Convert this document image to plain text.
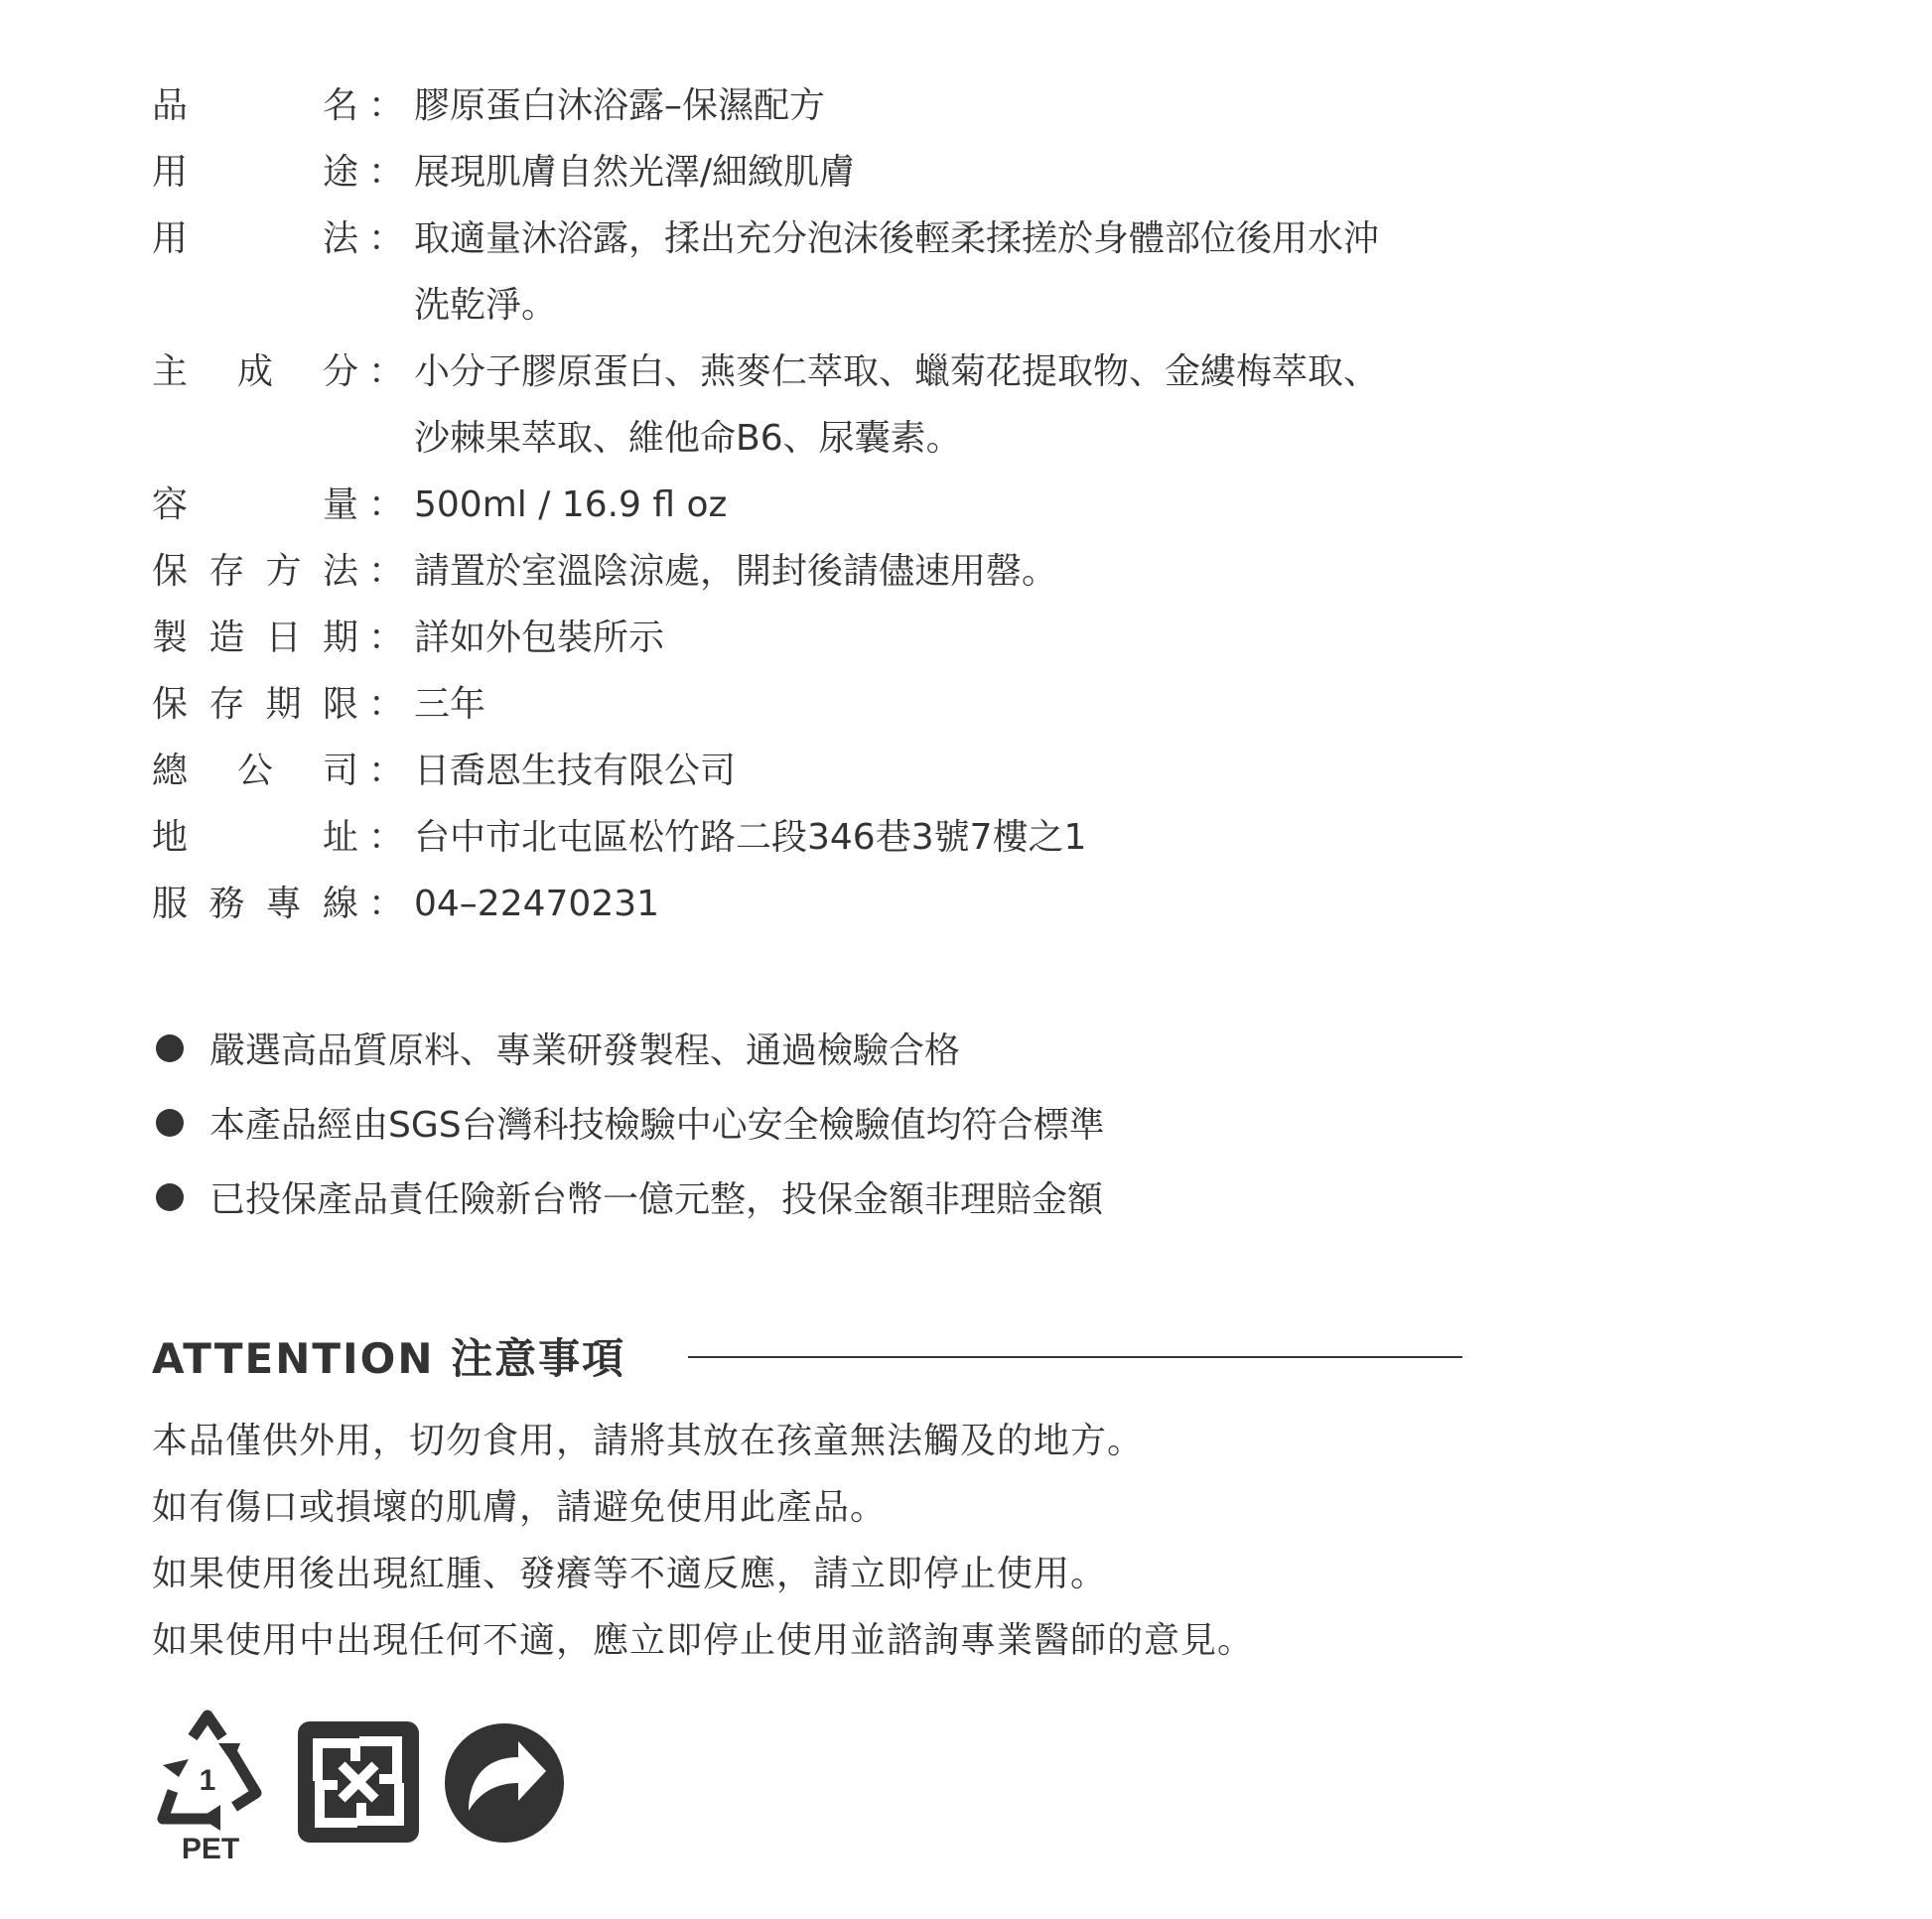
品	名 ： 膠原蛋白沐浴露–保濕配方
用	途 ： 展現肌膚自然光澤/細緻肌膚
用	法 ： 取適量沐浴露，揉出充分泡沫後輕柔揉搓於身體部位後用水沖
洗乾淨。
主 成 分 ： 小分子膠原蛋白、燕麥仁萃取、蠟菊花提取物、金縷梅萃取、
沙棘果萃取、維他命B6、尿囊素。
容	量 ： 500ml / 16.9 fl oz
保 存 方 法 ： 請置於室溫陰涼處，開封後請儘速用罄。
製 造 日 期 ： 詳如外包裝所示
保 存 期 限 ： 三年
總 公 司 ： 日喬恩生技有限公司
地	址 ： 台中市北屯區松竹路二段346巷3號7樓之1
服 務 專 線 ： 04–22470231
嚴選高品質原料、專業研發製程、通過檢驗合格
本產品經由SGS台灣科技檢驗中心安全檢驗值均符合標準
已投保產品責任險新台幣一億元整，投保金額非理賠金額
ATTENTION 注意事項
本品僅供外用，切勿食用，請將其放在孩童無法觸及的地方。
如有傷口或損壞的肌膚，請避免使用此產品。
如果使用後出現紅腫、發癢等不適反應，請立即停止使用。
如果使用中出現任何不適，應立即停止使用並諮詢專業醫師的意見。
1
PET
